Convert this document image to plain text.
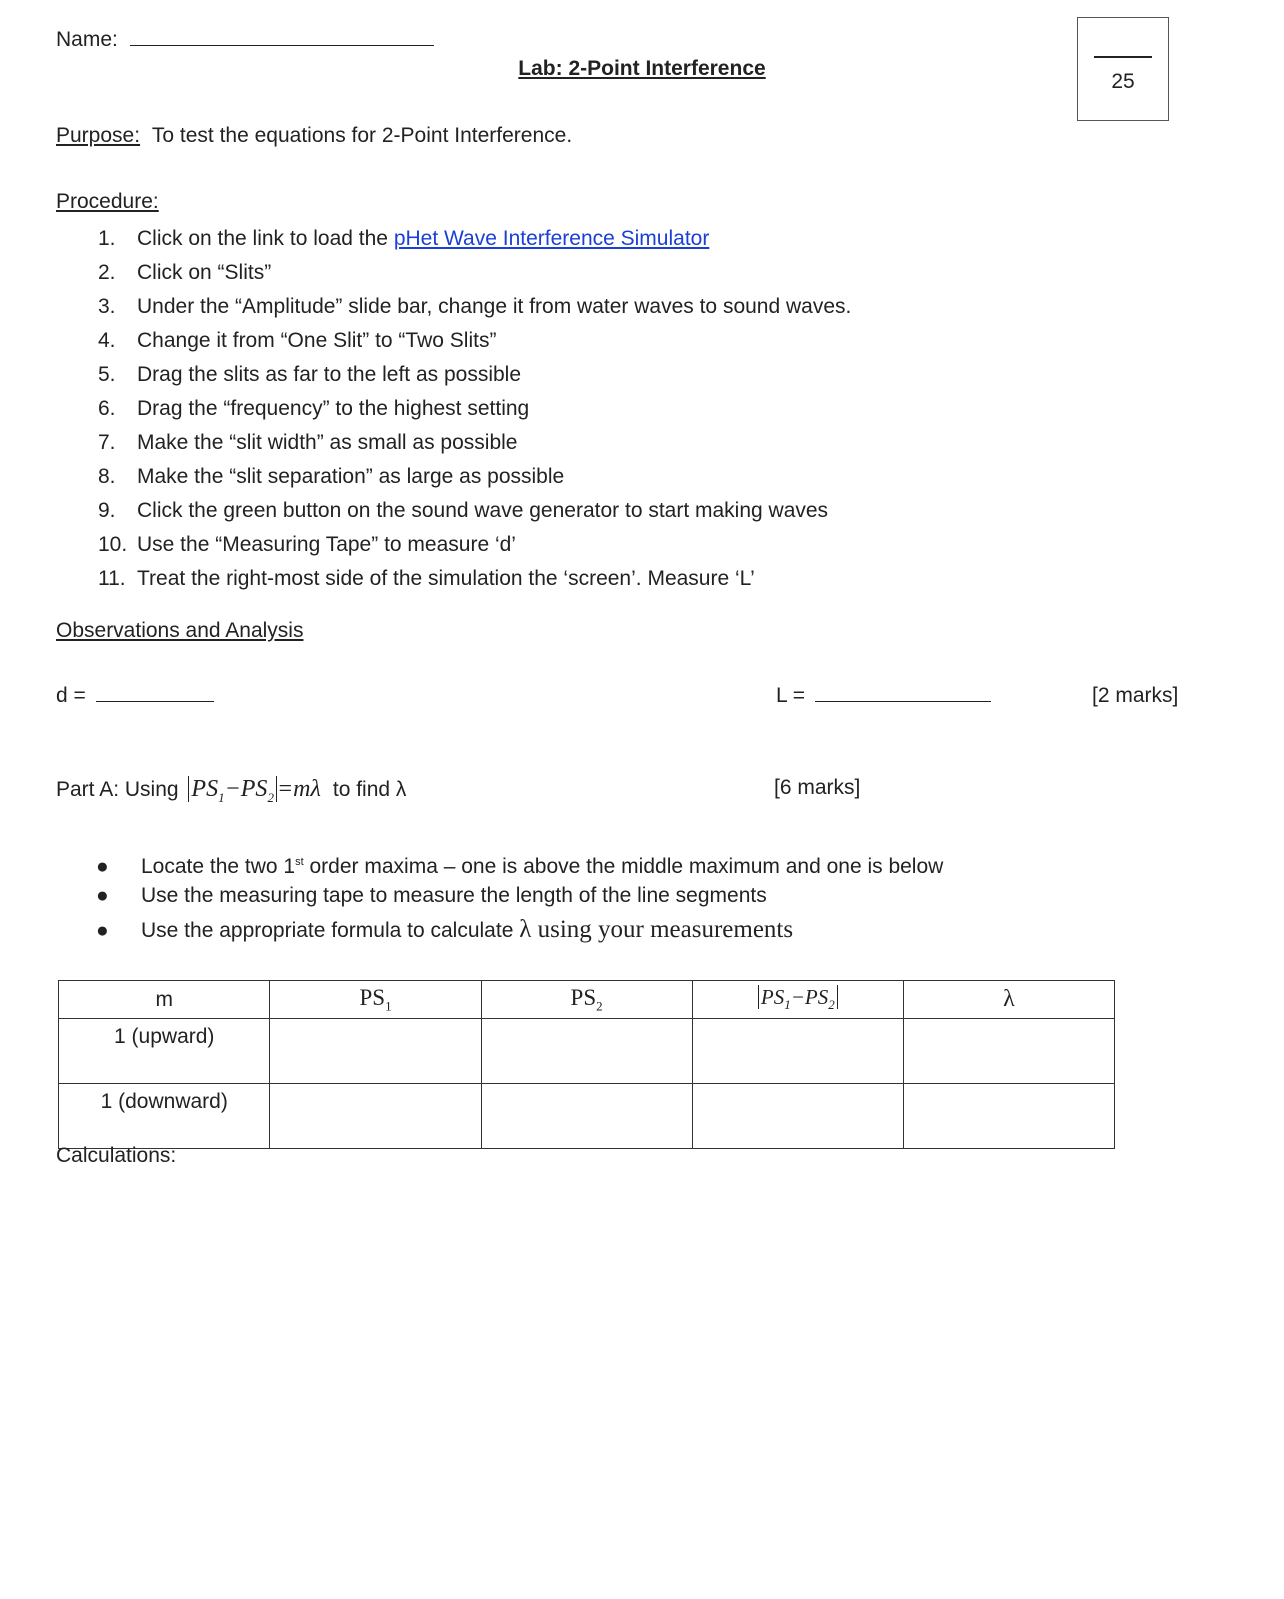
Name:
Lab: 2-Point Interference
25
Purpose: To test the equations for 2-Point Interference.
Procedure:
1. Click on the link to load the pHet Wave Interference Simulator
2. Click on “Slits”
3. Under the “Amplitude” slide bar, change it from water waves to sound waves.
4. Change it from “One Slit” to “Two Slits”
5. Drag the slits as far to the left as possible
6. Drag the “frequency” to the highest setting
7. Make the “slit width” as small as possible
8. Make the “slit separation” as large as possible
9. Click the green button on the sound wave generator to start making waves
10. Use the “Measuring Tape” to measure ‘d’
11. Treat the right-most side of the simulation the ‘screen’. Measure ‘L’
Observations and Analysis
d =	L =	[2 marks]
Part A: Using $PS_1-PS_2 =m\lambda$ to find λ	[6 marks]
● Locate the two 1st order maxima – one is above the middle maximum and one is below
● Use the measuring tape to measure the length of the line segments
● Use the appropriate formula to calculate λ using your measurements
m	$PS_1$	$PS_2$	$PS_1-PS_2$	λ
1 (upward)				
1 (downward)				
Calculations:
